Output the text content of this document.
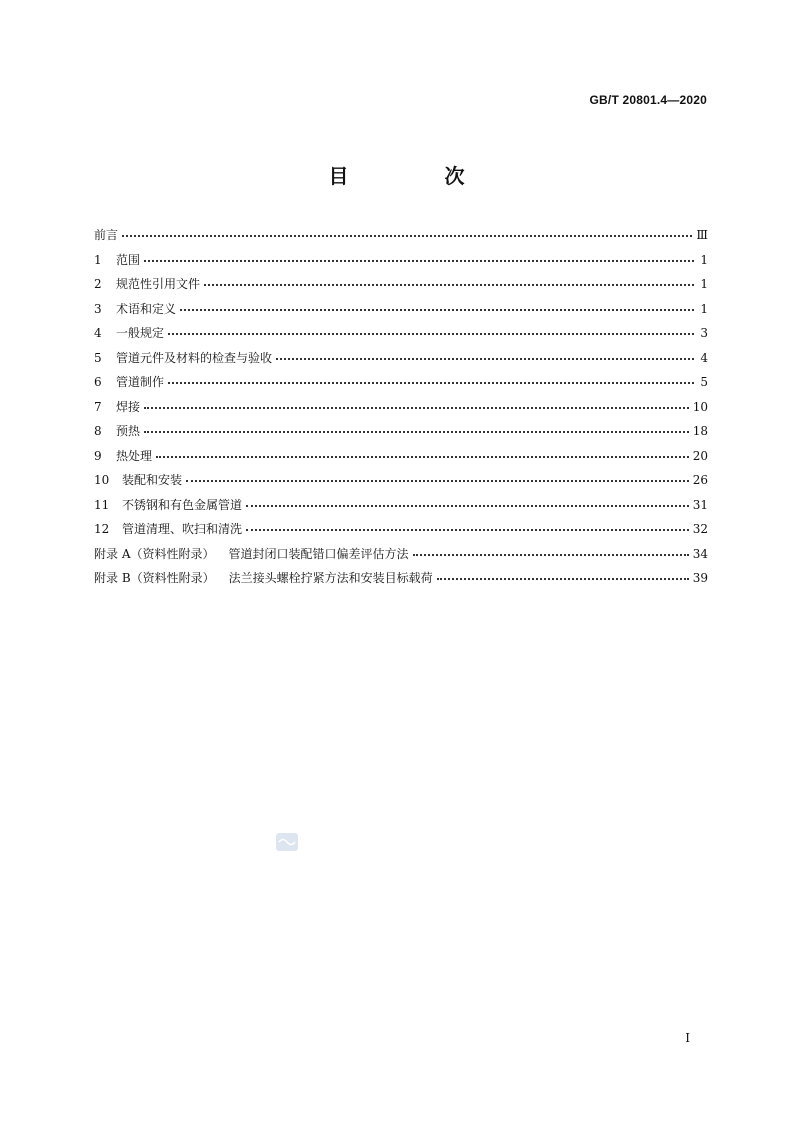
GB/T 20801.4—2020
目　次
前言	Ⅲ
1	范围	1
2	规范性引用文件	1
3	术语和定义	1
4	一般规定	3
5	管道元件及材料的检查与验收	4
6	管道制作	5
7	焊接	10
8	预热	18
9	热处理	20
10	装配和安装	26
11	不锈钢和有色金属管道	31
12	管道清理、吹扫和清洗	32
附录 A（资料性附录） 管道封闭口装配错口偏差评估方法	34
附录 B（资料性附录） 法兰接头螺栓拧紧方法和安装目标载荷	39
I
